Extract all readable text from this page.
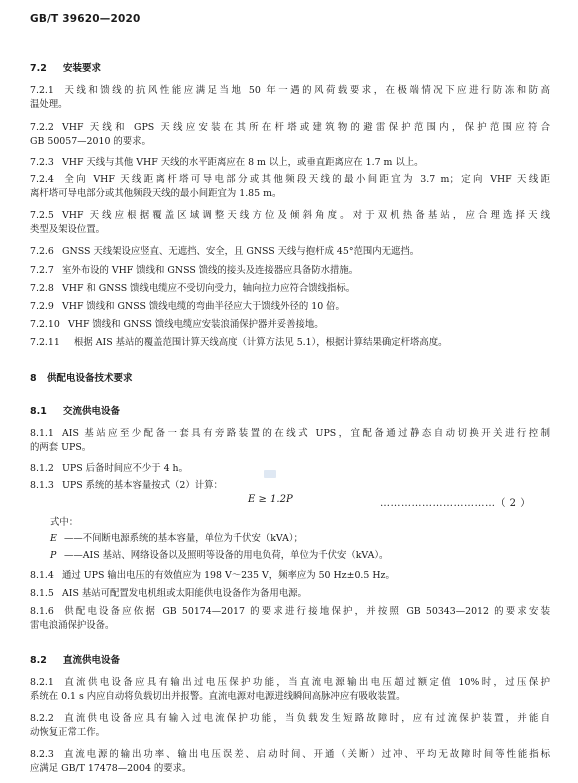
GB/T 39620—2020
7.2 安装要求
7.2.1 天线和馈线的抗风性能应满足当地 50 年一遇的风荷载要求，在极端情况下应进行防冻和防高
温处理。
7.2.2 VHF 天线和 GPS 天线应安装在其所在杆塔或建筑物的避雷保护范围内，保护范围应符合
GB 50057—2010 的要求。
7.2.3 VHF 天线与其他 VHF 天线的水平距离应在 8 m 以上，或垂直距离应在 1.7 m 以上。
7.2.4 全向 VHF 天线距离杆塔可导电部分或其他频段天线的最小间距宜为 3.7 m；定向 VHF 天线距
离杆塔可导电部分或其他频段天线的最小间距宜为 1.85 m。
7.2.5 VHF 天线应根据覆盖区域调整天线方位及倾斜角度。对于双机热备基站，应合理选择天线
类型及架设位置。
7.2.6 GNSS 天线架设应竖直、无遮挡、安全，且 GNSS 天线与抱杆成 45°范围内无遮挡。
7.2.7 室外布设的 VHF 馈线和 GNSS 馈线的接头及连接器应具备防水措施。
7.2.8 VHF 和 GNSS 馈线电缆应不受切向受力，轴向拉力应符合馈线指标。
7.2.9 VHF 馈线和 GNSS 馈线电缆的弯曲半径应大于馈线外径的 10 倍。
7.2.10 VHF 馈线和 GNSS 馈线电缆应安装浪涌保护器并妥善接地。
7.2.11 根据 AIS 基站的覆盖范围计算天线高度（计算方法见 5.1），根据计算结果确定杆塔高度。
8 供配电设备技术要求
8.1 交流供电设备
8.1.1 AIS 基站应至少配备一套具有旁路装置的在线式 UPS，宜配备通过静态自动切换开关进行控制
的两套 UPS。
8.1.2 UPS 后备时间应不少于 4 h。
8.1.3 UPS 系统的基本容量按式（2）计算：
E ≥ 1.2P	……………………………（ 2 ）
式中：
E ——不间断电源系统的基本容量，单位为千伏安（kVA）；
P ——AIS 基站、网络设备以及照明等设备的用电负荷，单位为千伏安（kVA）。
8.1.4 通过 UPS 输出电压的有效值应为 198 V～235 V，频率应为 50 Hz±0.5 Hz。
8.1.5 AIS 基站可配置发电机组或太阳能供电设备作为备用电源。
8.1.6 供配电设备应依据 GB 50174—2017 的要求进行接地保护，并按照 GB 50343—2012 的要求安装
雷电浪涌保护设备。
8.2 直流供电设备
8.2.1 直流供电设备应具有输出过电压保护功能，当直流电源输出电压超过额定值 10%时，过压保护
系统在 0.1 s 内应自动将负载切出并报警。直流电源对电源进线瞬间高脉冲应有吸收装置。
8.2.2 直流供电设备应具有输入过电流保护功能，当负载发生短路故障时，应有过流保护装置，并能自
动恢复正常工作。
8.2.3 直流电源的输出功率、输出电压误差、启动时间、开通（关断）过冲、平均无故障时间等性能指标
应满足 GB/T 17478—2004 的要求。
